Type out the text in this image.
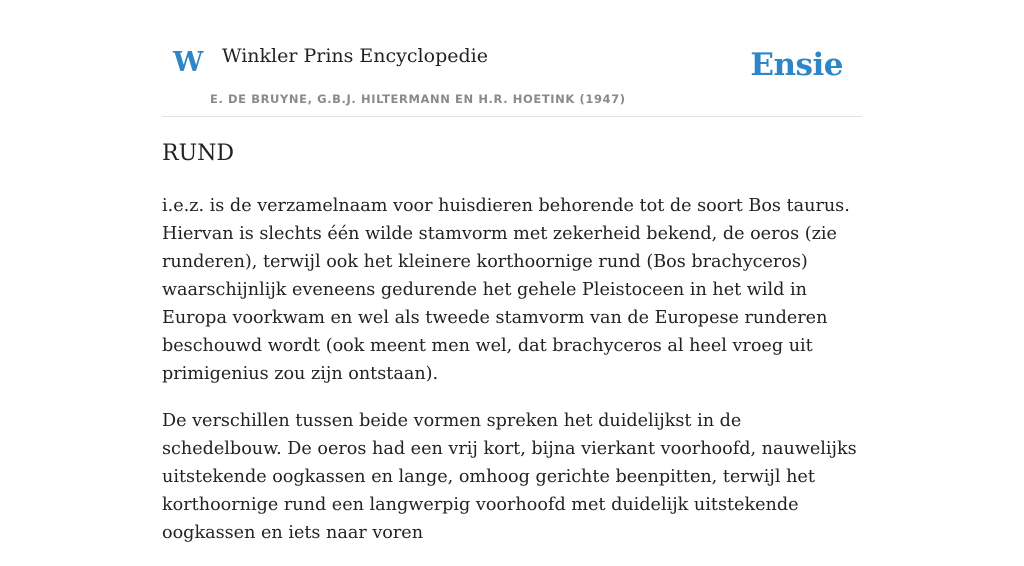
W Winkler Prins Encyclopedie
E. DE BRUYNE, G.B.J. HILTERMANN EN H.R. HOETINK (1947)
Ensie
RUND

i.e.z. is de verzamelnaam voor huisdieren behorende tot de soort Bos taurus. Hiervan is slechts één wilde stamvorm met zekerheid bekend, de oeros (zie runderen), terwijl ook het kleinere korthoornige rund (Bos brachyceros) waarschijnlijk eveneens gedurende het gehele Pleistoceen in het wild in Europa voorkwam en wel als tweede stamvorm van de Europese runderen beschouwd wordt (ook meent men wel, dat brachyceros al heel vroeg uit primigenius zou zijn ontstaan).

De verschillen tussen beide vormen spreken het duidelijkst in de schedelbouw. De oeros had een vrij kort, bijna vierkant voorhoofd, nauwelijks uitstekende oogkassen en lange, omhoog gerichte beenpitten, terwijl het korthoornige rund een langwerpig voorhoofd met duidelijk uitstekende oogkassen en iets naar voren
